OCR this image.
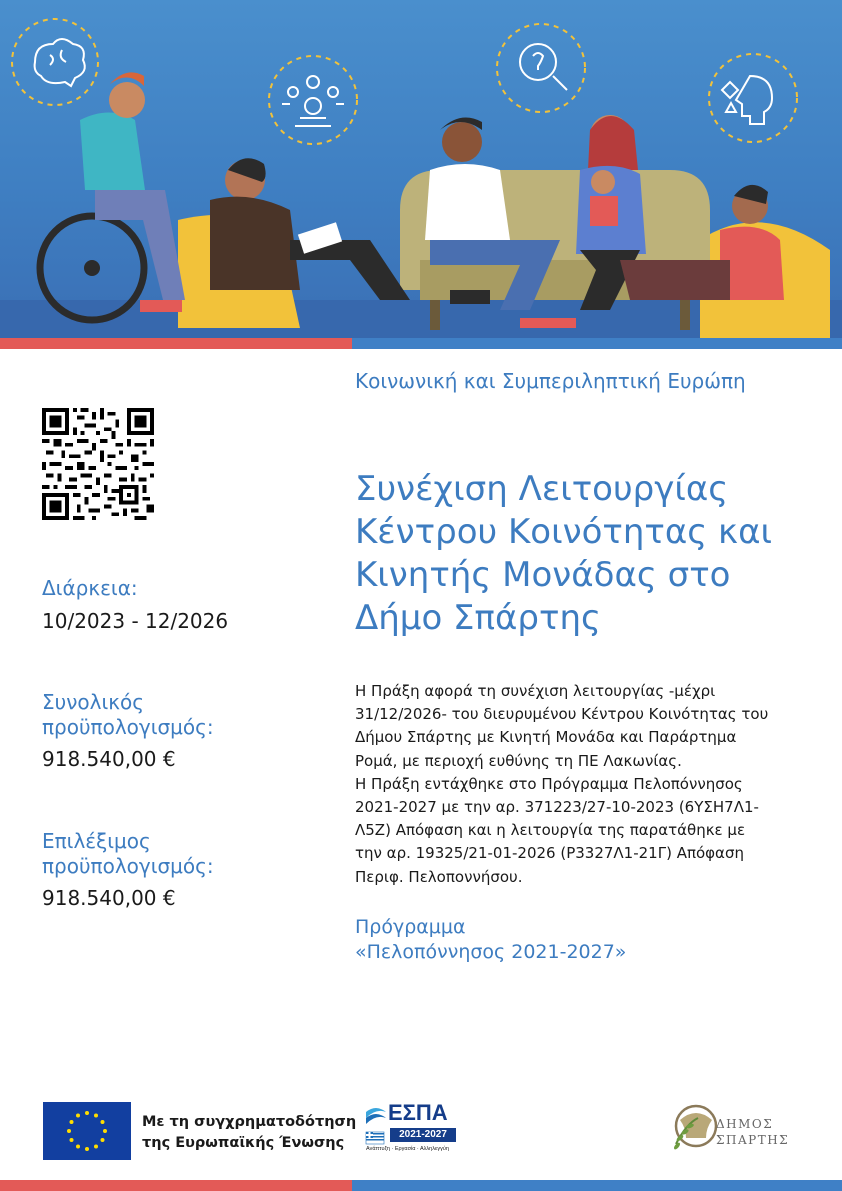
Διάρκεια:
10/2023 - 12/2026
Συνολικός προϋπολογισμός:
918.540,00 €
Επιλέξιμος προϋπολογισμός:
918.540,00 €
Κοινωνική και Συμπεριληπτική Ευρώπη
Συνέχιση Λειτουργίας Κέντρου Κοινότητας και Κινητής Μονάδας στο Δήμο Σπάρτης
Η Πράξη αφορά τη συνέχιση λειτουργίας -μέχρι
31/12/2026- του διευρυμένου Κέντρου Κοινότητας του
Δήμου Σπάρτης με Κινητή Μονάδα και Παράρτημα
Ρομά, με περιοχή ευθύνης τη ΠΕ Λακωνίας.
Η Πράξη εντάχθηκε στο Πρόγραμμα Πελοπόννησος
2021-2027 με την αρ. 371223/27-10-2023 (6ΥΣΗ7Λ1-
Λ5Ζ) Απόφαση και η λειτουργία της παρατάθηκε με
την αρ. 19325/21-01-2026 (Ρ3327Λ1-21Γ) Απόφαση
Περιφ. Πελοποννήσου.
Πρόγραμμα
«Πελοπόννησος 2021-2027»
Με τη συγχρηματοδότηση
της Ευρωπαϊκής Ένωσης
ΕΣΠΑ
2021-2027
Ανάπτυξη · Εργασία · Αλληλεγγύη
ΔΗΜΟΣ
ΣΠΑΡΤΗΣ
